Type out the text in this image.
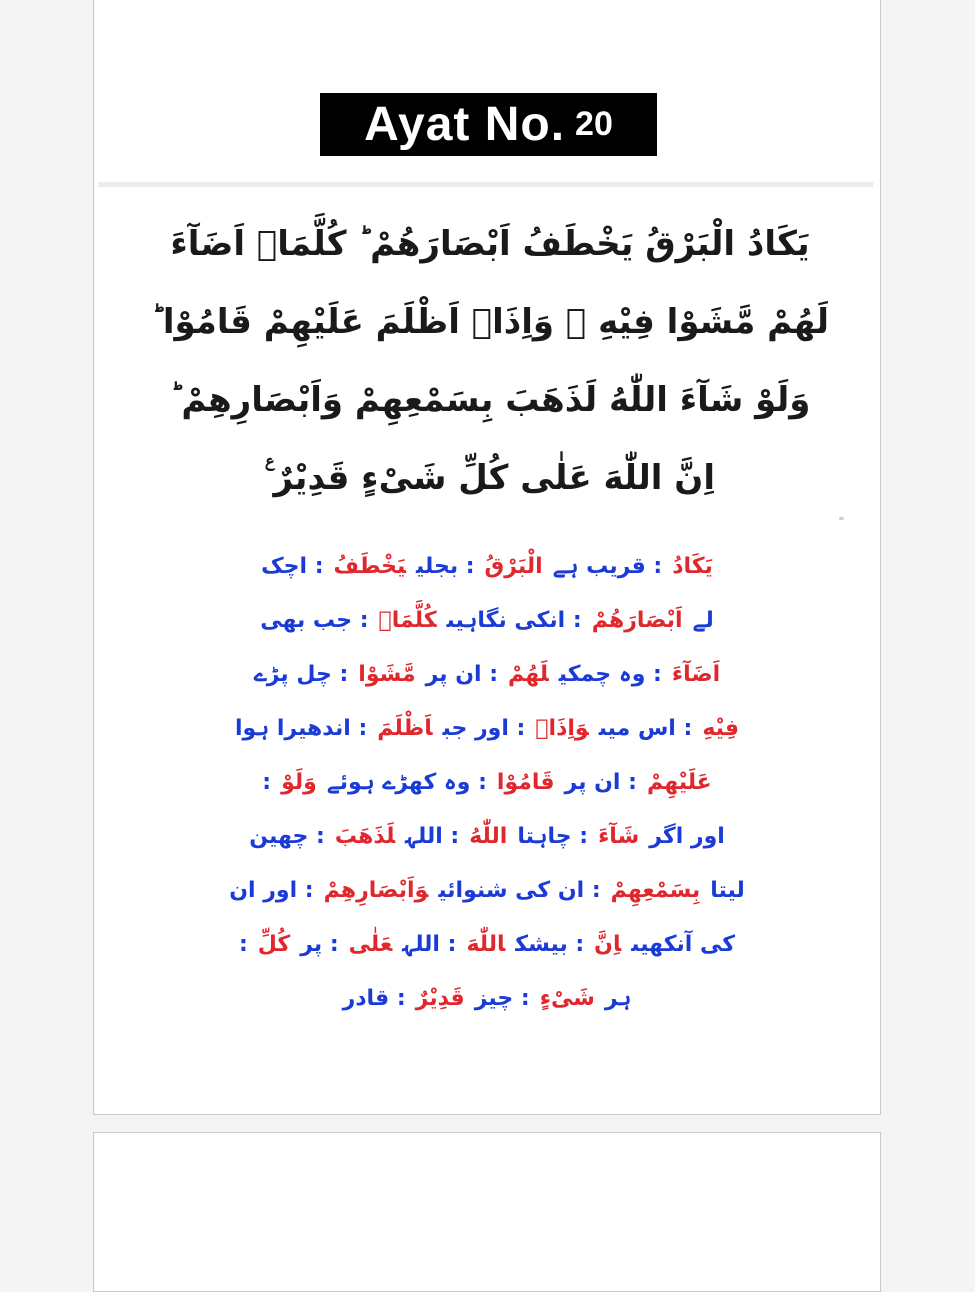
Ayat No. 20
يَكَادُ الْبَرْقُ يَخْطَفُ اَبْصَارَهُمْ ؕ كُلَّمَاۤ اَضَآءَ
لَهُمْ مَّشَوْا فِيْهِ ۙ وَاِذَاۤ اَظْلَمَ عَلَيْهِمْ قَامُوْا ؕ
وَلَوْ شَآءَ اللّٰهُ لَذَهَبَ بِسَمْعِهِمْ وَاَبْصَارِهِمْ ؕ
اِنَّ اللّٰهَ عَلٰى كُلِّ شَىْءٍ قَدِيْرٌ ࣖ
يَكَادُ: قریب ہےالْبَرْقُ: بجلیيَخْطَفُ: اچک
لےاَبْصَارَهُمْ: انکی نگاہیںكُلَّمَاۤ: جب بھی
اَضَآءَ: وہ چمکیلَهُمْ: ان پرمَّشَوْا: چل پڑے
فِيْهِ: اس میںوَاِذَاۤ: اور جباَظْلَمَ: اندھیرا ہوا
عَلَيْهِمْ: ان پرقَامُوْا: وہ کھڑے ہوئےوَلَوْ:
اور اگرشَآءَ: چاہتااللّٰهُ: اللہلَذَهَبَ: چھین
لیتابِسَمْعِهِمْ: ان کی شنوائیوَاَبْصَارِهِمْ: اور ان
کی آنکھیںاِنَّ: بیشکاللّٰهَ: اللہعَلٰى: پركُلِّ:
ہرشَىْءٍ: چیزقَدِيْرٌ: قادر
